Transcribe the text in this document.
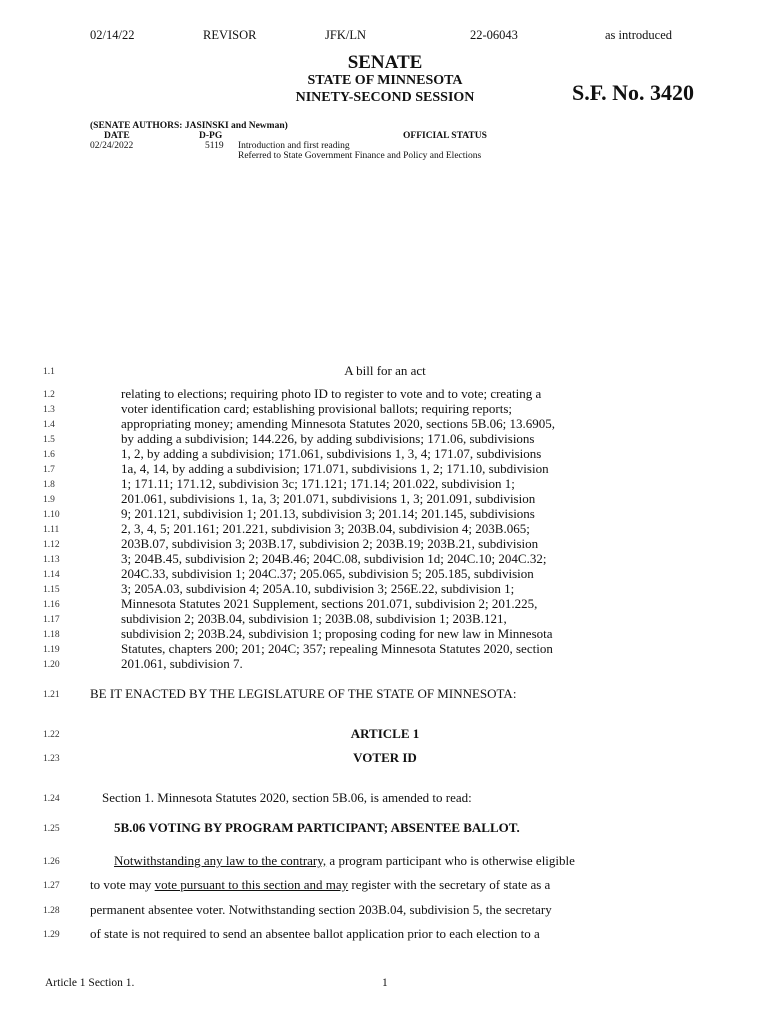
02/14/22	REVISOR	JFK/LN	22-06043	as introduced
SENATE
STATE OF MINNESOTA
NINETY-SECOND SESSION	S.F. No. 3420
(SENATE AUTHORS: JASINSKI and Newman)
DATE	D-PG	OFFICIAL STATUS
02/24/2022	5119 Introduction and first reading
Referred to State Government Finance and Policy and Elections
1.1
1.2
1.3
1.4
1.5
1.6
1.7
1.8
1.9
1.10
1.11
1.12
1.13
1.14
1.15
1.16
1.17
1.18
1.19
1.20
1.21
1.22
1.23
1.24
1.25
1.26
1.27
1.28
1.29
A bill for an act
relating to elections; requiring photo ID to register to vote and to vote; creating a
voter identification card; establishing provisional ballots; requiring reports;
appropriating money; amending Minnesota Statutes 2020, sections 5B.06; 13.6905,
by adding a subdivision; 144.226, by adding subdivisions; 171.06, subdivisions
1, 2, by adding a subdivision; 171.061, subdivisions 1, 3, 4; 171.07, subdivisions
1a, 4, 14, by adding a subdivision; 171.071, subdivisions 1, 2; 171.10, subdivision
1; 171.11; 171.12, subdivision 3c; 171.121; 171.14; 201.022, subdivision 1;
201.061, subdivisions 1, 1a, 3; 201.071, subdivisions 1, 3; 201.091, subdivision
9; 201.121, subdivision 1; 201.13, subdivision 3; 201.14; 201.145, subdivisions
2, 3, 4, 5; 201.161; 201.221, subdivision 3; 203B.04, subdivision 4; 203B.065;
203B.07, subdivision 3; 203B.17, subdivision 2; 203B.19; 203B.21, subdivision
3; 204B.45, subdivision 2; 204B.46; 204C.08, subdivision 1d; 204C.10; 204C.32;
204C.33, subdivision 1; 204C.37; 205.065, subdivision 5; 205.185, subdivision
3; 205A.03, subdivision 4; 205A.10, subdivision 3; 256E.22, subdivision 1;
Minnesota Statutes 2021 Supplement, sections 201.071, subdivision 2; 201.225,
subdivision 2; 203B.04, subdivision 1; 203B.08, subdivision 1; 203B.121,
subdivision 2; 203B.24, subdivision 1; proposing coding for new law in Minnesota
Statutes, chapters 200; 201; 204C; 357; repealing Minnesota Statutes 2020, section
201.061, subdivision 7.
BE IT ENACTED BY THE LEGISLATURE OF THE STATE OF MINNESOTA:
ARTICLE 1
VOTER ID
Section 1. Minnesota Statutes 2020, section 5B.06, is amended to read:
5B.06 VOTING BY PROGRAM PARTICIPANT; ABSENTEE BALLOT.
Notwithstanding any law to the contrary, a program participant who is otherwise eligible
to vote may vote pursuant to this section and may register with the secretary of state as a
permanent absentee voter. Notwithstanding section 203B.04, subdivision 5, the secretary
of state is not required to send an absentee ballot application prior to each election to a
Article 1 Section 1.	1
